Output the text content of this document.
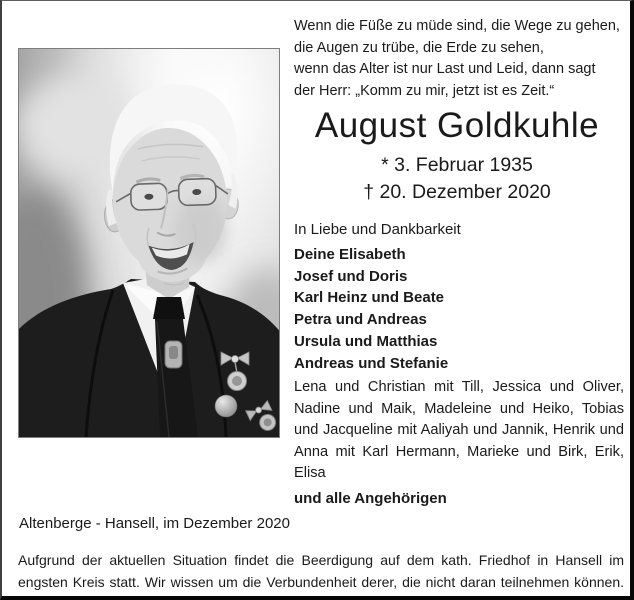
Wenn die Füße zu müde sind, die Wege zu gehen,
die Augen zu trübe, die Erde zu sehen,
wenn das Alter ist nur Last und Leid, dann sagt
der Herr: „Komm zu mir, jetzt ist es Zeit.“
August Goldkuhle
* 3. Februar 1935
† 20. Dezember 2020
In Liebe und Dankbarkeit
Deine Elisabeth
Josef und Doris
Karl Heinz und Beate
Petra und Andreas
Ursula und Matthias
Andreas und Stefanie
Lena und Christian mit Till, Jessica und Oliver, Nadine und Maik, Madeleine und Heiko, Tobias und Jacqueline mit Aaliyah und Jannik, Henrik und Anna mit Karl Hermann, Marieke und Birk, Erik, Elisa
und alle Angehörigen
Altenberge - Hansell, im Dezember 2020
Aufgrund der aktuellen Situation findet die Beerdigung auf dem kath. Friedhof in Hansell im engsten Kreis statt. Wir wissen um die Verbundenheit derer, die nicht daran teilnehmen können.
